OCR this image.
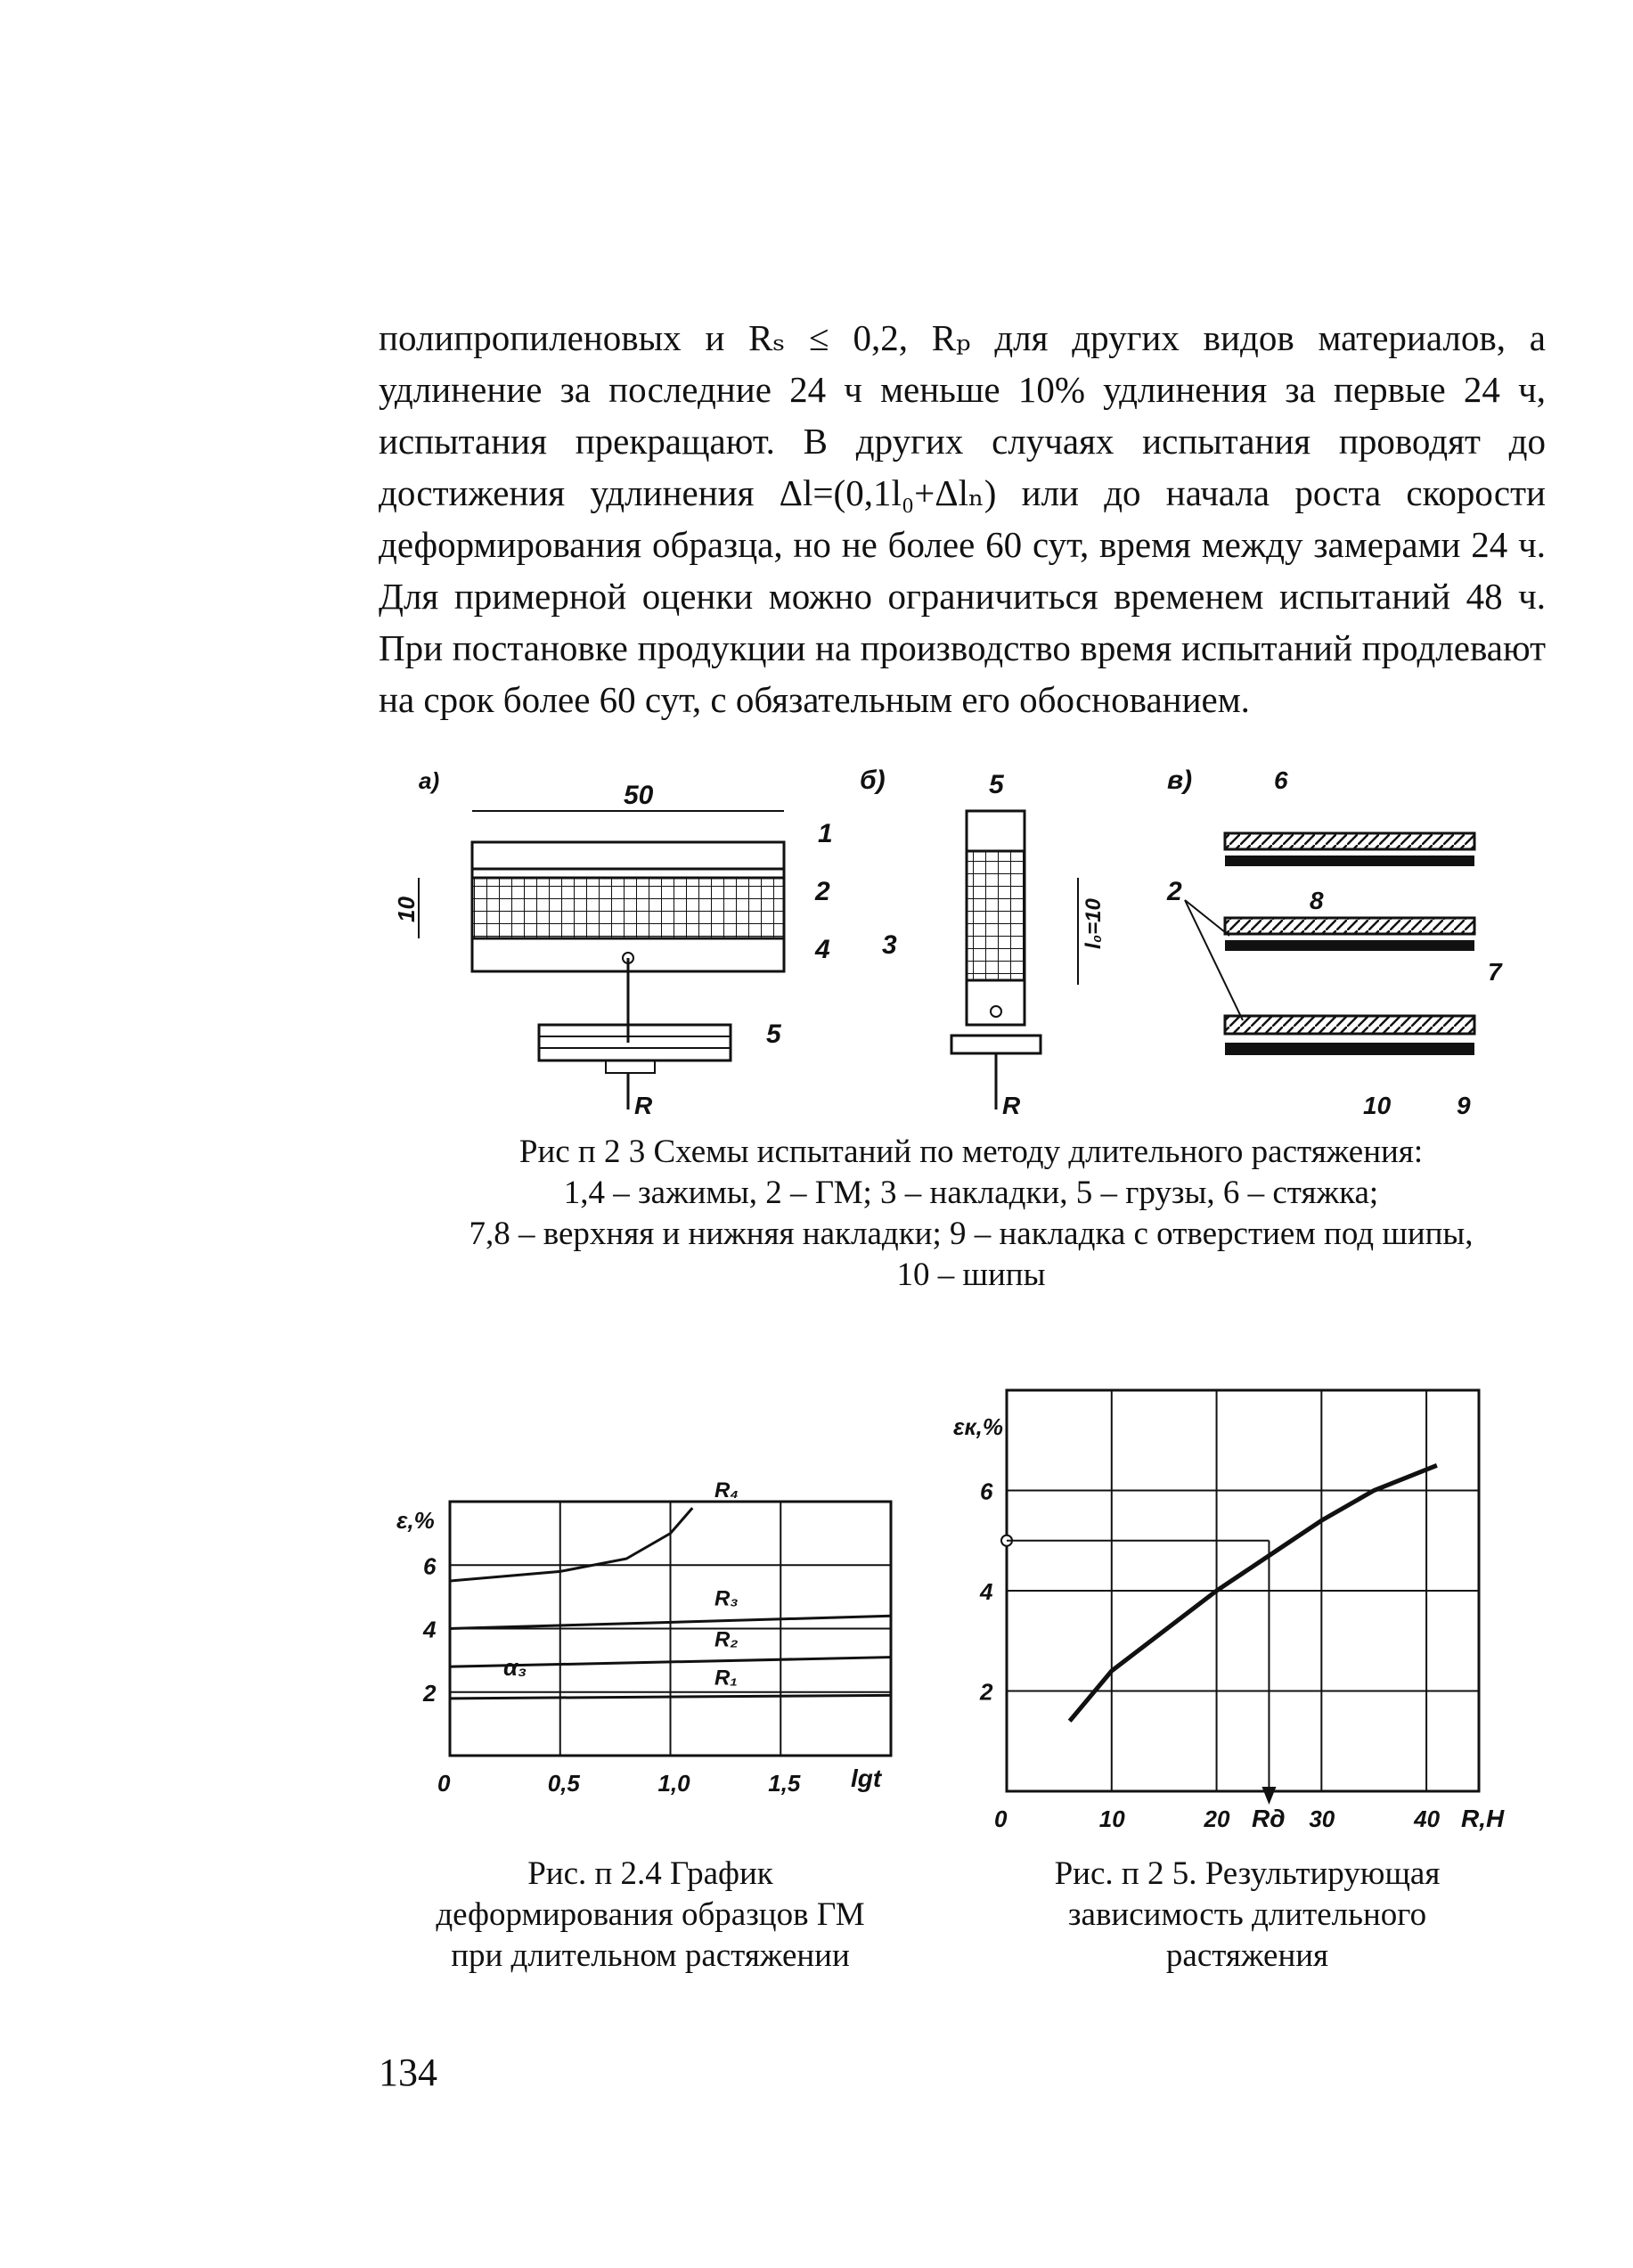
полипропиленовых и Rₛ ≤ 0,2, Rₚ для других видов материалов, а удлинение за последние 24 ч меньше 10% удлинения за первые 24 ч, испытания прекращают. В других случаях испытания проводят до достижения удлинения Δl=(0,1l₀+Δlₙ) или до начала роста скорости деформирования образца, но не более 60 сут, время между замерами 24 ч. Для примерной оценки можно ограничиться временем испытаний 48 ч. При постановке продукции на производство время испытаний продлевают на срок более 60 сут, с обязательным его обоснованием.

а)	50
10
1
2
4
5
R
б)	5
l₀=10
3
R
в)	6
8
2
7
10	9
ε,%
lgt
α₃
2
4
6
0	0,5	1,0	1,5
R₁
R₂
R₃
R₄
εк,%
R,Н
Rд
2
4
6
0	10	20	30	40
Рис п 2 3 Схемы испытаний по методу длительного растяжения:
1,4 – зажимы, 2 – ГМ; 3 – накладки, 5 – грузы, 6 – стяжка;
7,8 – верхняя и нижняя накладки; 9 – накладка с отверстием под шипы,
10 – шипы
Рис. п 2.4 График
деформирования образцов ГМ
при длительном растяжении
Рис. п 2 5. Результирующая
зависимость длительного
растяжения
134
